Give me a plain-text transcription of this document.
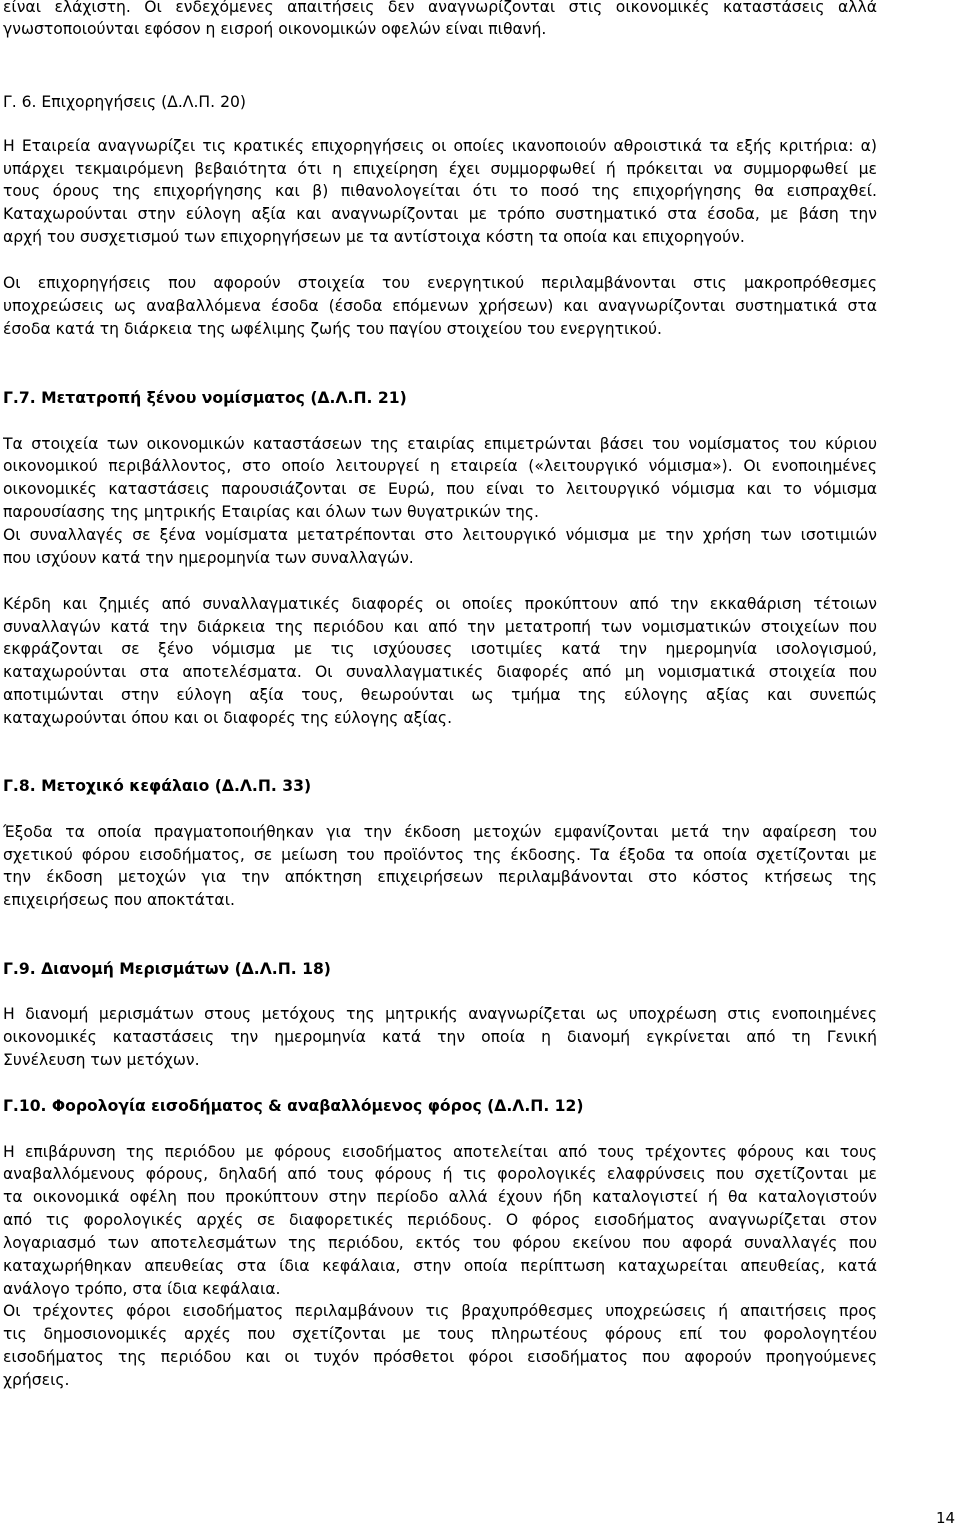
είναι ελάχιστη. Οι ενδεχόμενες απαιτήσεις δεν αναγνωρίζονται στις οικονομικές καταστάσεις αλλά
γνωστοποιούνται εφόσον η εισροή οικονομικών οφελών είναι πιθανή.
Γ. 6. Επιχορηγήσεις (Δ.Λ.Π. 20)
Η Εταιρεία αναγνωρίζει τις κρατικές επιχορηγήσεις οι οποίες ικανοποιούν αθροιστικά τα εξής κριτήρια: α)
υπάρχει τεκμαιρόμενη βεβαιότητα ότι η επιχείρηση έχει συμμορφωθεί ή πρόκειται να συμμορφωθεί με
τους όρους της επιχορήγησης και β) πιθανολογείται ότι το ποσό της επιχορήγησης θα εισπραχθεί.
Καταχωρούνται στην εύλογη αξία και αναγνωρίζονται με τρόπο συστηματικό στα έσοδα, με βάση την
αρχή του συσχετισμού των επιχορηγήσεων με τα αντίστοιχα κόστη τα οποία και επιχορηγούν.
Οι επιχορηγήσεις που αφορούν στοιχεία του ενεργητικού περιλαμβάνονται στις μακροπρόθεσμες
υποχρεώσεις ως αναβαλλόμενα έσοδα (έσοδα επόμενων χρήσεων) και αναγνωρίζονται συστηματικά στα
έσοδα κατά τη διάρκεια της ωφέλιμης ζωής του παγίου στοιχείου του ενεργητικού.
Γ.7. Μετατροπή ξένου νομίσματος (Δ.Λ.Π. 21)
Τα στοιχεία των οικονομικών καταστάσεων της εταιρίας επιμετρώνται βάσει του νομίσματος του κύριου
οικονομικού περιβάλλοντος, στο οποίο λειτουργεί η εταιρεία («λειτουργικό νόμισμα»). Οι ενοποιημένες
οικονομικές καταστάσεις παρουσιάζονται σε Ευρώ, που είναι το λειτουργικό νόμισμα και το νόμισμα
παρουσίασης της μητρικής Εταιρίας και όλων των θυγατρικών της.
Οι συναλλαγές σε ξένα νομίσματα μετατρέπονται στο λειτουργικό νόμισμα με την χρήση των ισοτιμιών
που ισχύουν κατά την ημερομηνία των συναλλαγών.
Κέρδη και ζημιές από συναλλαγματικές διαφορές οι οποίες προκύπτουν από την εκκαθάριση τέτοιων
συναλλαγών κατά την διάρκεια της περιόδου και από την μετατροπή των νομισματικών στοιχείων που
εκφράζονται σε ξένο νόμισμα με τις ισχύουσες ισοτιμίες κατά την ημερομηνία ισολογισμού,
καταχωρούνται στα αποτελέσματα. Οι συναλλαγματικές διαφορές από μη νομισματικά στοιχεία που
αποτιμώνται στην εύλογη αξία τους, θεωρούνται ως τμήμα της εύλογης αξίας και συνεπώς
καταχωρούνται όπου και οι διαφορές της εύλογης αξίας.
Γ.8. Μετοχικό κεφάλαιο (Δ.Λ.Π. 33)
Έξοδα τα οποία πραγματοποιήθηκαν για την έκδοση μετοχών εμφανίζονται μετά την αφαίρεση του
σχετικού φόρου εισοδήματος, σε μείωση του προϊόντος της έκδοσης. Τα έξοδα τα οποία σχετίζονται με
την έκδοση μετοχών για την απόκτηση επιχειρήσεων περιλαμβάνονται στο κόστος κτήσεως της
επιχειρήσεως που αποκτάται.
Γ.9. Διανομή Μερισμάτων (Δ.Λ.Π. 18)
Η διανομή μερισμάτων στους μετόχους της μητρικής αναγνωρίζεται ως υποχρέωση στις ενοποιημένες
οικονομικές καταστάσεις την ημερομηνία κατά την οποία η διανομή εγκρίνεται από τη Γενική
Συνέλευση των μετόχων.
Γ.10. Φορολογία εισοδήματος & αναβαλλόμενος φόρος (Δ.Λ.Π. 12)
Η επιβάρυνση της περιόδου με φόρους εισοδήματος αποτελείται από τους τρέχοντες φόρους και τους
αναβαλλόμενους φόρους, δηλαδή από τους φόρους ή τις φορολογικές ελαφρύνσεις που σχετίζονται με
τα οικονομικά οφέλη που προκύπτουν στην περίοδο αλλά έχουν ήδη καταλογιστεί ή θα καταλογιστούν
από τις φορολογικές αρχές σε διαφορετικές περιόδους. Ο φόρος εισοδήματος αναγνωρίζεται στον
λογαριασμό των αποτελεσμάτων της περιόδου, εκτός του φόρου εκείνου που αφορά συναλλαγές που
καταχωρήθηκαν απευθείας στα ίδια κεφάλαια, στην οποία περίπτωση καταχωρείται απευθείας, κατά
ανάλογο τρόπο, στα ίδια κεφάλαια.
Οι τρέχοντες φόροι εισοδήματος περιλαμβάνουν τις βραχυπρόθεσμες υποχρεώσεις ή απαιτήσεις προς
τις δημοσιονομικές αρχές που σχετίζονται με τους πληρωτέους φόρους επί του φορολογητέου
εισοδήματος της περιόδου και οι τυχόν πρόσθετοι φόροι εισοδήματος που αφορούν προηγούμενες
χρήσεις.
14
